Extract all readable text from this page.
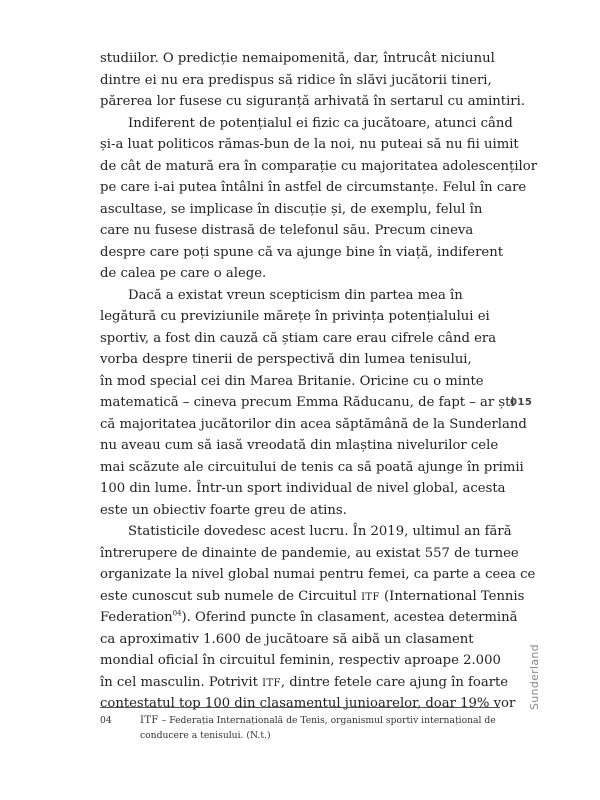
studiilor. O predicție nemaipomenită, dar, întrucât niciunul
dintre ei nu era predispus să ridice în slăvi jucătorii tineri,
părerea lor fusese cu siguranță arhivată în sertarul cu amintiri.
Indiferent de potențialul ei fizic ca jucătoare, atunci când
și-a luat politicos rămas-bun de la noi, nu puteai să nu fii uimit
de cât de matură era în comparație cu majoritatea adolescenților
pe care i-ai putea întâlni în astfel de circumstanțe. Felul în care
ascultase, se implicase în discuție și, de exemplu, felul în
care nu fusese distrasă de telefonul său. Precum cineva
despre care poți spune că va ajunge bine în viață, indiferent
de calea pe care o alege.
Dacă a existat vreun scepticism din partea mea în
legătură cu previziunile mărețe în privința potențialului ei
sportiv, a fost din cauză că știam care erau cifrele când era
vorba despre tinerii de perspectivă din lumea tenisului,
în mod special cei din Marea Britanie. Oricine cu o minte
matematică – cineva precum Emma Răducanu, de fapt – ar ști
că majoritatea jucătorilor din acea săptămână de la Sunderland
nu aveau cum să iasă vreodată din mlaștina nivelurilor cele
mai scăzute ale circuitului de tenis ca să poată ajunge în primii
100 din lume. Într-un sport individual de nivel global, acesta
este un obiectiv foarte greu de atins.
Statisticile dovedesc acest lucru. În 2019, ultimul an fără
întrerupere de dinainte de pandemie, au existat 557 de turnee
organizate la nivel global numai pentru femei, ca parte a ceea ce
este cunoscut sub numele de Circuitul ITF (International Tennis
Federation$^{04}$). Oferind puncte în clasament, acestea determină
ca aproximativ 1.600 de jucătoare să aibă un clasament
mondial oficial în circuitul feminin, respectiv aproape 2.000
în cel masculin. Potrivit ITF, dintre fetele care ajung în foarte
contestatul top 100 din clasamentul junioarelor, doar 19% vor
015
Sunderland
04	ITF – Federația Internațională de Tenis, organismul sportiv internațional de
conducere a tenisului. (N.t.)
